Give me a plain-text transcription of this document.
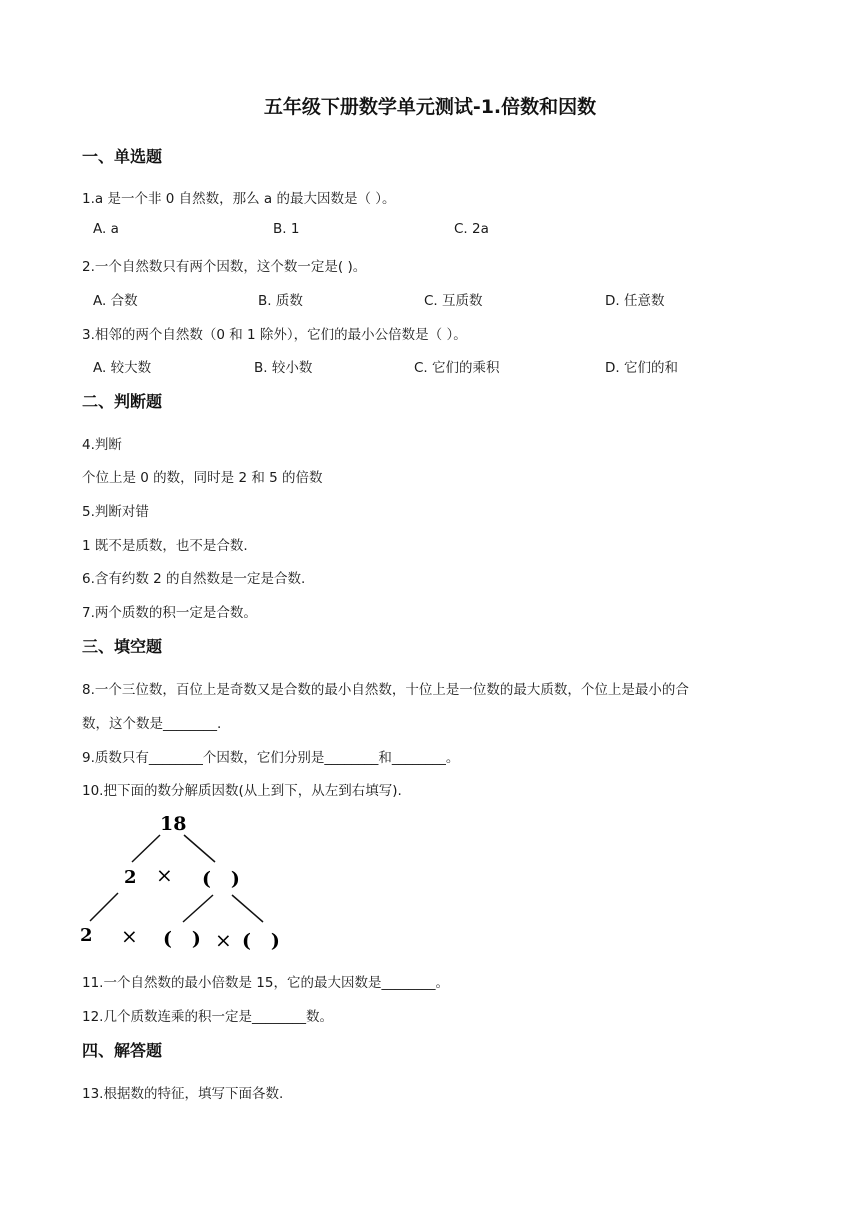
五年级下册数学单元测试-1.倍数和因数
一、单选题
1.a 是一个非 0 自然数，那么 a 的最大因数是（ ）。
A. a	B. 1	C. 2a
2.一个自然数只有两个因数，这个数一定是( )。
A. 合数	B. 质数	C. 互质数	D. 任意数
3.相邻的两个自然数（0 和 1 除外），它们的最小公倍数是（ ）。
A. 较大数	B. 较小数	C. 它们的乘积	D. 它们的和
二、判断题
4.判断
个位上是 0 的数，同时是 2 和 5 的倍数
5.判断对错
1 既不是质数，也不是合数.
6.含有约数 2 的自然数是一定是合数.
7.两个质数的积一定是合数。
三、填空题
8.一个三位数，百位上是奇数又是合数的最小自然数，十位上是一位数的最大质数，个位上是最小的合
数，这个数是________.
9.质数只有________个因数，它们分别是________和________。
10.把下面的数分解质因数(从上到下，从左到右填写).
18
2 × (   )
2 × (   ) × (   )
11.一个自然数的最小倍数是 15，它的最大因数是________。
12.几个质数连乘的积一定是________数。
四、解答题
13.根据数的特征，填写下面各数.
